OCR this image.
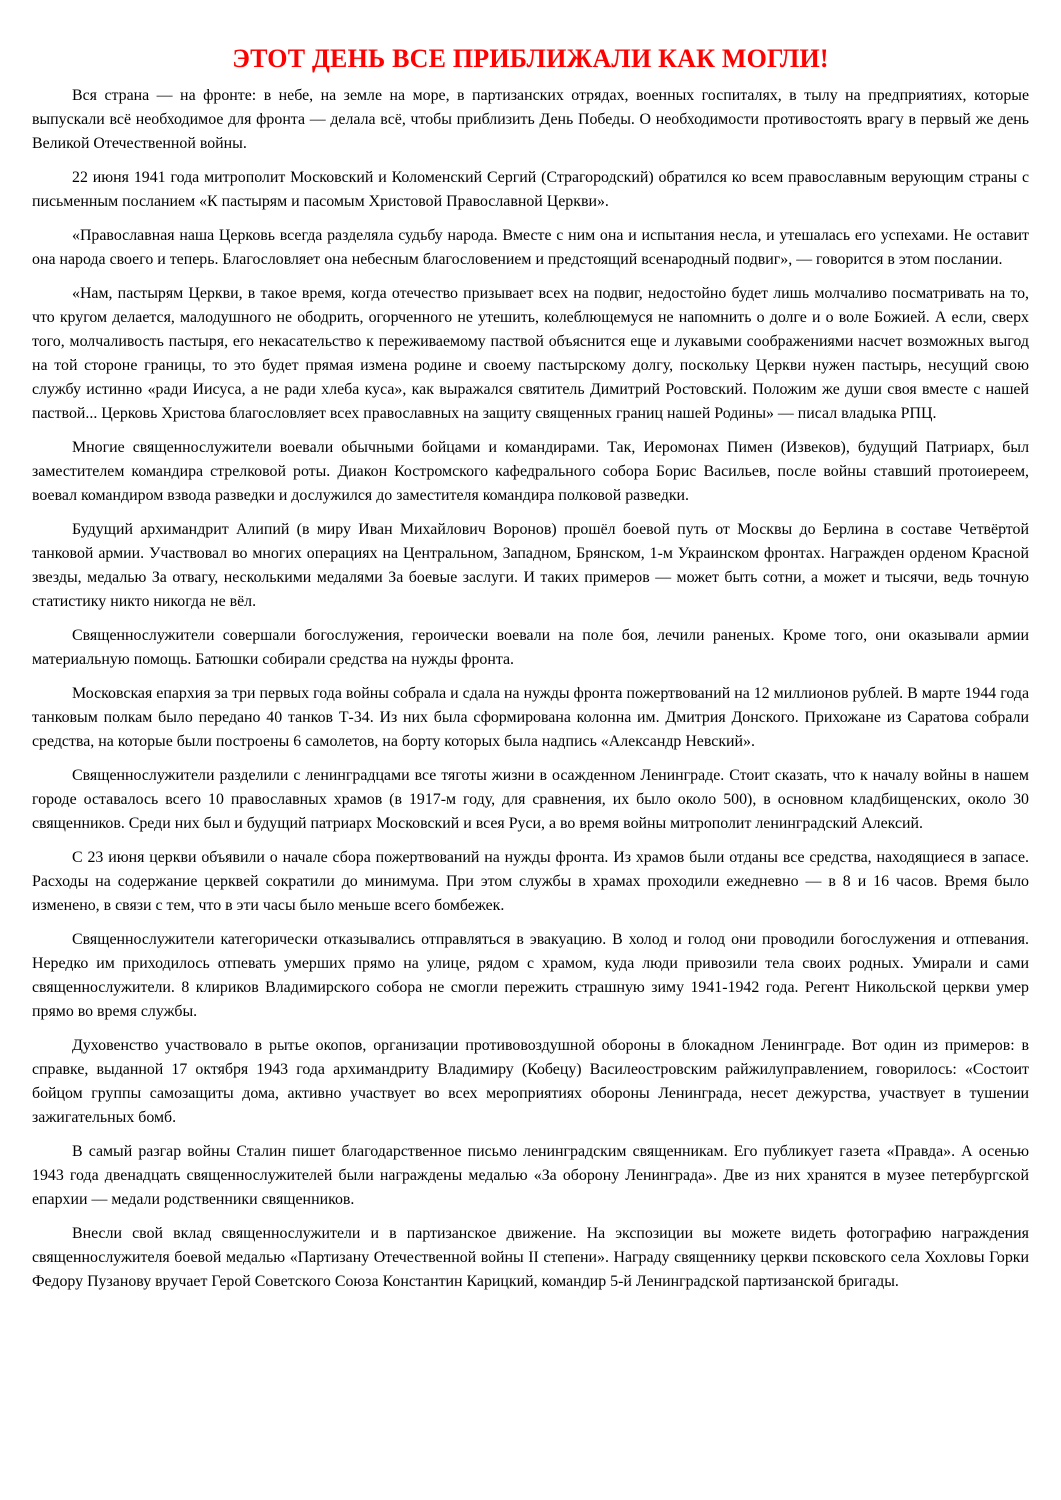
ЭТОТ ДЕНЬ ВСЕ ПРИБЛИЖАЛИ КАК МОГЛИ!

Вся страна — на фронте: в небе, на земле на море, в партизанских отрядах, военных госпиталях, в тылу на предприятиях, которые выпускали всё необходимое для фронта — делала всё, чтобы приблизить День Победы. О необходимости противостоять врагу в первый же день Великой Отечественной войны.

22 июня 1941 года митрополит Московский и Коломенский Сергий (Страгородский) обратился ко всем православным верующим страны с письменным посланием «К пастырям и пасомым Христовой Православной Церкви».

«Православная наша Церковь всегда разделяла судьбу народа. Вместе с ним она и испытания несла, и утешалась его успехами. Не оставит она народа своего и теперь. Благословляет она небесным благословением и предстоящий всенародный подвиг», — говорится в этом послании.

«Нам, пастырям Церкви, в такое время, когда отечество призывает всех на подвиг, недостойно будет лишь молчаливо посматривать на то, что кругом делается, малодушного не ободрить, огорченного не утешить, колеблющемуся не напомнить о долге и о воле Божией. А если, сверх того, молчаливость пастыря, его некасательство к переживаемому паствой объяснится еще и лукавыми соображениями насчет возможных выгод на той стороне границы, то это будет прямая измена родине и своему пастырскому долгу, поскольку Церкви нужен пастырь, несущий свою службу истинно «ради Иисуса, а не ради хлеба куса», как выражался святитель Димитрий Ростовский. Положим же души своя вместе с нашей паствой... Церковь Христова благословляет всех православных на защиту священных границ нашей Родины» — писал владыка РПЦ.

Многие священнослужители воевали обычными бойцами и командирами. Так, Иеромонах Пимен (Извеков), будущий Патриарх, был заместителем командира стрелковой роты. Диакон Костромского кафедрального собора Борис Васильев, после войны ставший протоиереем, воевал командиром взвода разведки и дослужился до заместителя командира полковой разведки.

Будущий архимандрит Алипий (в миру Иван Михайлович Воронов) прошёл боевой путь от Москвы до Берлина в составе Четвёртой танковой армии. Участвовал во многих операциях на Центральном, Западном, Брянском, 1-м Украинском фронтах. Награжден орденом Красной звезды, медалью За отвагу, несколькими медалями За боевые заслуги. И таких примеров — может быть сотни, а может и тысячи, ведь точную статистику никто никогда не вёл.

Священнослужители совершали богослужения, героически воевали на поле боя, лечили раненых. Кроме того, они оказывали армии материальную помощь. Батюшки собирали средства на нужды фронта.

Московская епархия за три первых года войны собрала и сдала на нужды фронта пожертвований на 12 миллионов рублей. В марте 1944 года танковым полкам было передано 40 танков Т-34. Из них была сформирована колонна им. Дмитрия Донского. Прихожане из Саратова собрали средства, на которые были построены 6 самолетов, на борту которых была надпись «Александр Невский».

Священнослужители разделили с ленинградцами все тяготы жизни в осажденном Ленинграде. Стоит сказать, что к началу войны в нашем городе оставалось всего 10 православных храмов (в 1917-м году, для сравнения, их было около 500), в основном кладбищенских, около 30 священников. Среди них был и будущий патриарх Московский и всея Руси, а во время войны митрополит ленинградский Алексий.

С 23 июня церкви объявили о начале сбора пожертвований на нужды фронта. Из храмов были отданы все средства, находящиеся в запасе. Расходы на содержание церквей сократили до минимума. При этом службы в храмах проходили ежедневно — в 8 и 16 часов. Время было изменено, в связи с тем, что в эти часы было меньше всего бомбежек.

Священнослужители категорически отказывались отправляться в эвакуацию. В холод и голод они проводили богослужения и отпевания. Нередко им приходилось отпевать умерших прямо на улице, рядом с храмом, куда люди привозили тела своих родных. Умирали и сами священнослужители. 8 клириков Владимирского собора не смогли пережить страшную зиму 1941-1942 года. Регент Никольской церкви умер прямо во время службы.

Духовенство участвовало в рытье окопов, организации противовоздушной обороны в блокадном Ленинграде. Вот один из примеров: в справке, выданной 17 октября 1943 года архимандриту Владимиру (Кобецу) Василеостровским райжилуправлением, говорилось: «Состоит бойцом группы самозащиты дома, активно участвует во всех мероприятиях обороны Ленинграда, несет дежурства, участвует в тушении зажигательных бомб.

В самый разгар войны Сталин пишет благодарственное письмо ленинградским священникам. Его публикует газета «Правда». А осенью 1943 года двенадцать священнослужителей были награждены медалью «За оборону Ленинграда». Две из них хранятся в музее петербургской епархии — медали родственники священников.

Внесли свой вклад священнослужители и в партизанское движение. На экспозиции вы можете видеть фотографию награждения священнослужителя боевой медалью «Партизану Отечественной войны II степени». Награду священнику церкви псковского села Хохловы Горки Федору Пузанову вручает Герой Советского Союза Константин Карицкий, командир 5-й Ленинградской партизанской бригады.
